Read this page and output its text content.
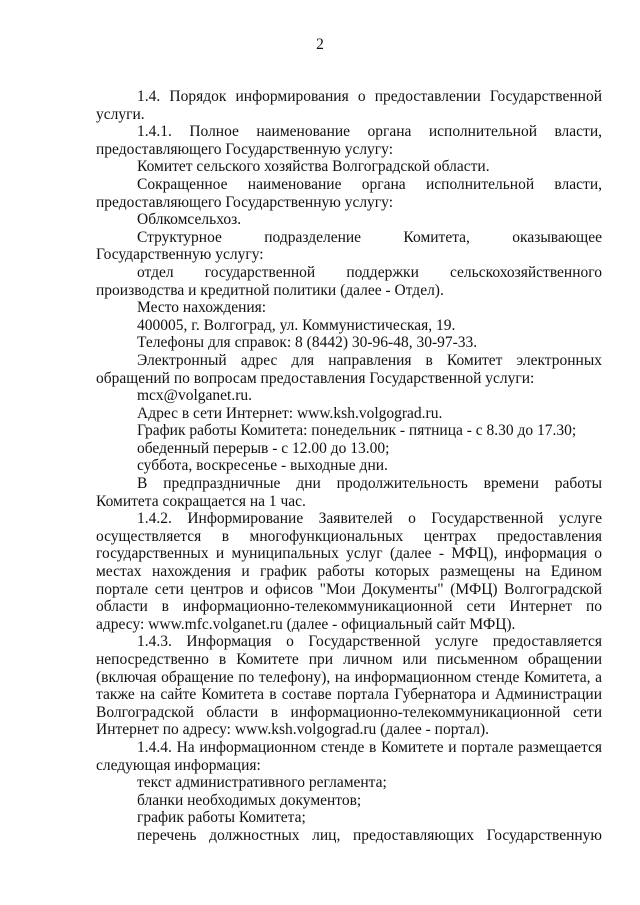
2

1.4. Порядок информирования о предоставлении Государственной услуги.

1.4.1. Полное наименование органа исполнительной власти, предоставляющего Государственную услугу:

Комитет сельского хозяйства Волгоградской области.

Сокращенное наименование органа исполнительной власти, предоставляющего Государственную услугу:

Облкомсельхоз.

Структурное подразделение Комитета, оказывающее Государственную услугу:

отдел государственной поддержки сельскохозяйственного производства и кредитной политики (далее - Отдел).

Место нахождения:

400005, г. Волгоград, ул. Коммунистическая, 19.

Телефоны для справок: 8 (8442) 30-96-48, 30-97-33.

Электронный адрес для направления в Комитет электронных обращений по вопросам предоставления Государственной услуги:

mcx@volganet.ru.

Адрес в сети Интернет: www.ksh.volgograd.ru.

График работы Комитета: понедельник - пятница - с 8.30 до 17.30;

обеденный перерыв - с 12.00 до 13.00;

суббота, воскресенье - выходные дни.

В предпраздничные дни продолжительность времени работы Комитета сокращается на 1 час.

1.4.2. Информирование Заявителей о Государственной услуге осуществляется в многофункциональных центрах предоставления государственных и муниципальных услуг (далее - МФЦ), информация о местах нахождения и график работы которых размещены на Едином портале сети центров и офисов "Мои Документы" (МФЦ) Волгоградской области в информационно-телекоммуникационной сети Интернет по адресу: www.mfc.volganet.ru (далее - официальный сайт МФЦ).

1.4.3. Информация о Государственной услуге предоставляется непосредственно в Комитете при личном или письменном обращении (включая обращение по телефону), на информационном стенде Комитета, а также на сайте Комитета в составе портала Губернатора и Администрации Волгоградской области в информационно-телекоммуникационной сети Интернет по адресу: www.ksh.volgograd.ru (далее - портал).

1.4.4. На информационном стенде в Комитете и портале размещается следующая информация:

текст административного регламента;

бланки необходимых документов;

график работы Комитета;

перечень должностных лиц, предоставляющих Государственную
